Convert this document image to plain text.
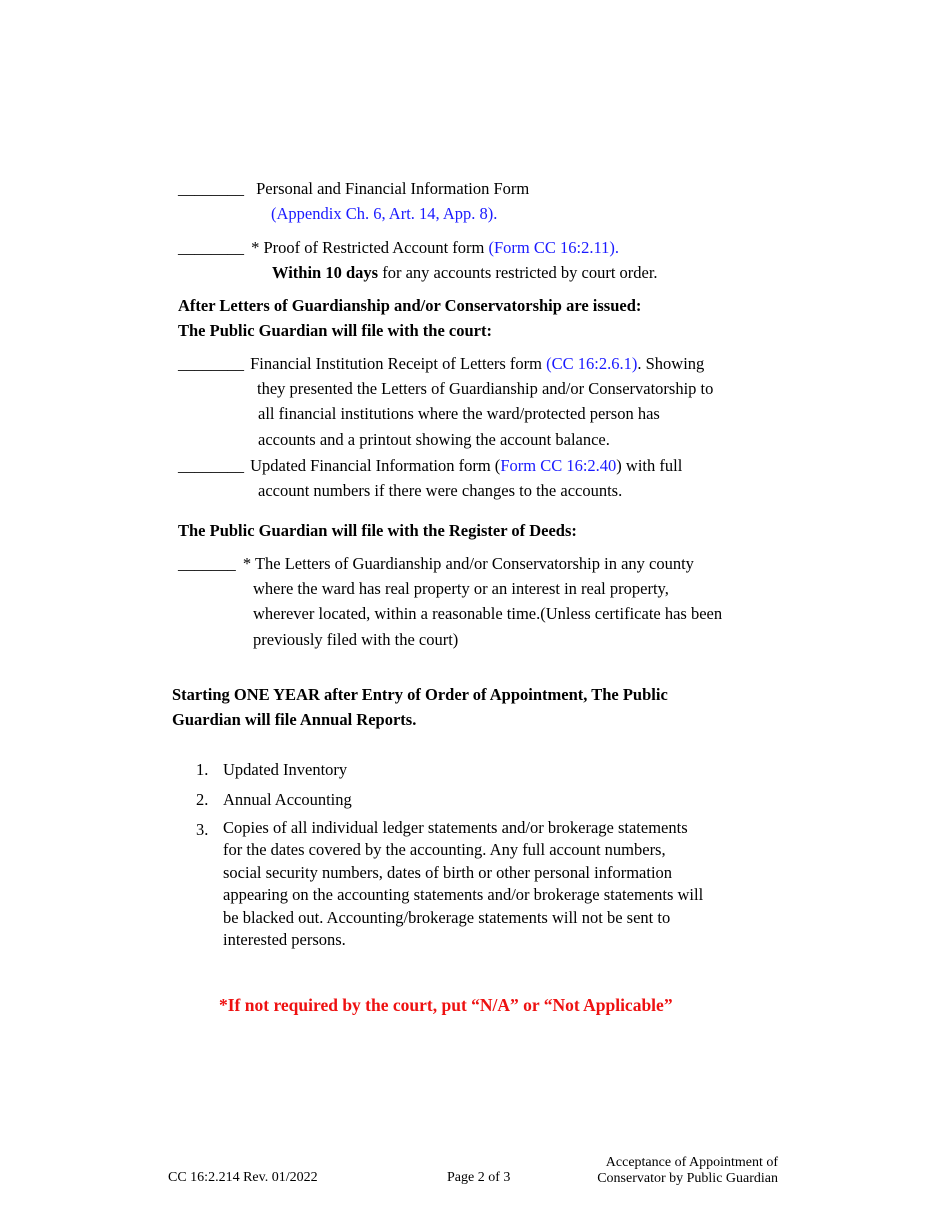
________ Personal and Financial Information Form
(Appendix Ch. 6, Art. 14, App. 8).
________ * Proof of Restricted Account form (Form CC 16:2.11).
Within 10 days for any accounts restricted by court order.
After Letters of Guardianship and/or Conservatorship are issued:
The Public Guardian will file with the court:
________ Financial Institution Receipt of Letters form (CC 16:2.6.1). Showing
they presented the Letters of Guardianship and/or Conservatorship to
all financial institutions where the ward/protected person has
accounts and a printout showing the account balance.
________ Updated Financial Information form (Form CC 16:2.40) with full
account numbers if there were changes to the accounts.
The Public Guardian will file with the Register of Deeds:
_______ * The Letters of Guardianship and/or Conservatorship in any county
where the ward has real property or an interest in real property,
wherever located, within a reasonable time.(Unless certificate has been
previously filed with the court)
Starting ONE YEAR after Entry of Order of Appointment, The Public
Guardian will file Annual Reports.
1. Updated Inventory
2. Annual Accounting
3. Copies of all individual ledger statements and/or brokerage statements
for the dates covered by the accounting. Any full account numbers,
social security numbers, dates of birth or other personal information
appearing on the accounting statements and/or brokerage statements will
be blacked out. Accounting/brokerage statements will not be sent to
interested persons.
*If not required by the court, put “N/A” or “Not Applicable”
CC 16:2.214 Rev. 01/2022	Page 2 of 3
Acceptance of Appointment of
Conservator by Public Guardian
